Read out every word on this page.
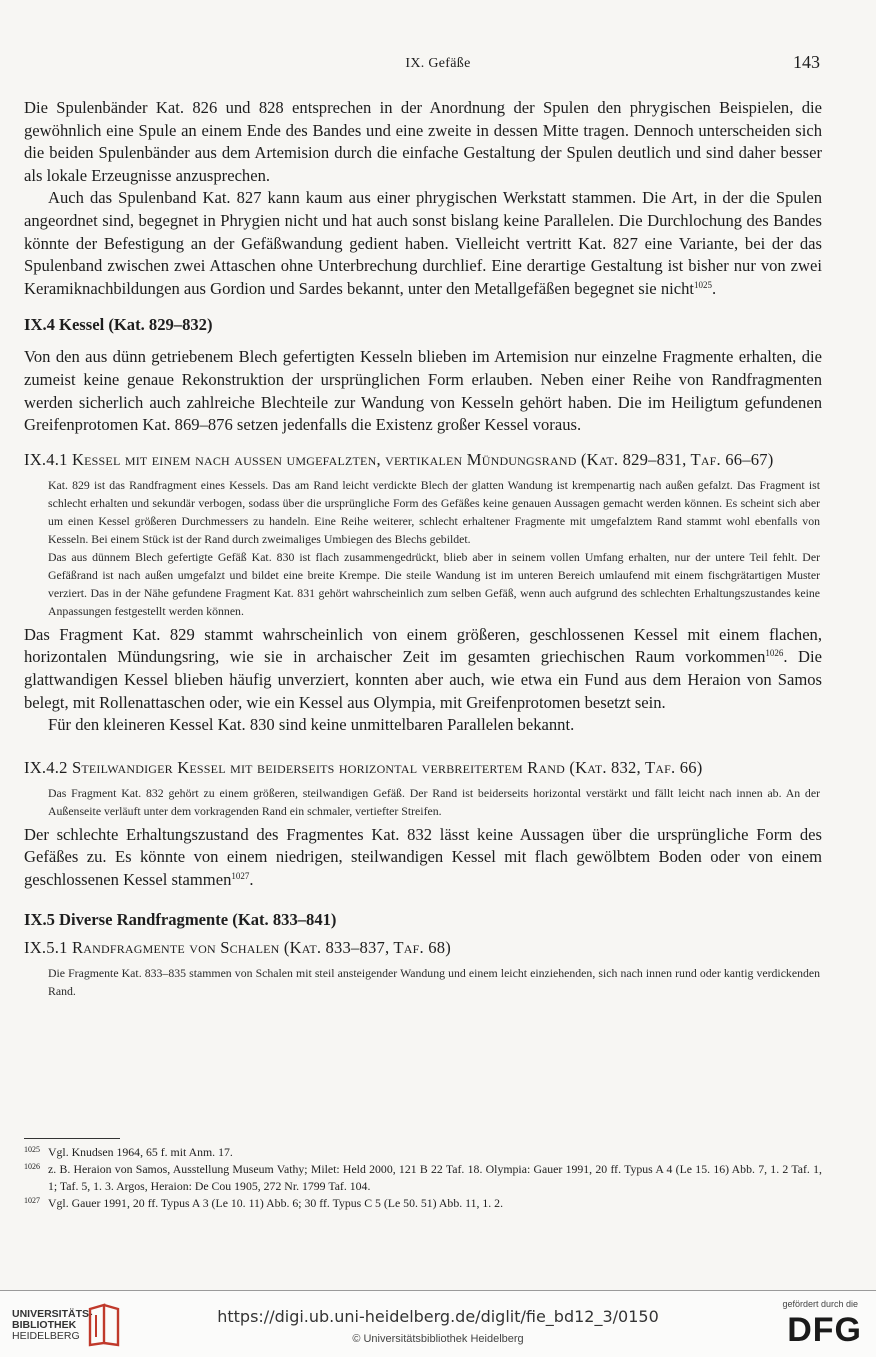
IX. Gefäße	143

Die Spulenbänder Kat. 826 und 828 entsprechen in der Anordnung der Spulen den phrygischen Beispielen, die gewöhnlich eine Spule an einem Ende des Bandes und eine zweite in dessen Mitte tragen. Dennoch unterscheiden sich die beiden Spulenbänder aus dem Artemision durch die einfache Gestaltung der Spulen deutlich und sind daher besser als lokale Erzeugnisse anzusprechen.

Auch das Spulenband Kat. 827 kann kaum aus einer phrygischen Werkstatt stammen. Die Art, in der die Spulen angeordnet sind, begegnet in Phrygien nicht und hat auch sonst bislang keine Parallelen. Die Durchlochung des Bandes könnte der Befestigung an der Gefäßwandung gedient haben. Vielleicht vertritt Kat. 827 eine Variante, bei der das Spulenband zwischen zwei Attaschen ohne Unterbrechung durchlief. Eine derartige Gestaltung ist bisher nur von zwei Keramiknachbildungen aus Gordion und Sardes bekannt, unter den Metallgefäßen begegnet sie nicht$^{1025}$.

IX.4 Kessel (Kat. 829–832)

Von den aus dünn getriebenem Blech gefertigten Kesseln blieben im Artemision nur einzelne Fragmente erhalten, die zumeist keine genaue Rekonstruktion der ursprünglichen Form erlauben. Neben einer Reihe von Randfragmenten werden sicherlich auch zahlreiche Blechteile zur Wandung von Kesseln gehört haben. Die im Heiligtum gefundenen Greifenprotomen Kat. 869–876 setzen jedenfalls die Existenz großer Kessel voraus.

IX.4.1 Kessel mit einem nach aussen umgefalzten, vertikalen Mündungsrand (Kat. 829–831, Taf. 66–67)

Kat. 829 ist das Randfragment eines Kessels. Das am Rand leicht verdickte Blech der glatten Wandung ist krempenartig nach außen gefalzt. Das Fragment ist schlecht erhalten und sekundär verbogen, sodass über die ursprüngliche Form des Gefäßes keine genauen Aussagen gemacht werden können. Es scheint sich aber um einen Kessel größeren Durchmessers zu handeln. Eine Reihe weiterer, schlecht erhaltener Fragmente mit umgefalztem Rand stammt wohl ebenfalls von Kesseln. Bei einem Stück ist der Rand durch zweimaliges Umbiegen des Blechs gebildet.

Das aus dünnem Blech gefertigte Gefäß Kat. 830 ist flach zusammengedrückt, blieb aber in seinem vollen Umfang erhalten, nur der untere Teil fehlt. Der Gefäßrand ist nach außen umgefalzt und bildet eine breite Krempe. Die steile Wandung ist im unteren Bereich umlaufend mit einem fischgrätartigen Muster verziert. Das in der Nähe gefundene Fragment Kat. 831 gehört wahrscheinlich zum selben Gefäß, wenn auch aufgrund des schlechten Erhaltungszustandes keine Anpassungen festgestellt werden können.

Das Fragment Kat. 829 stammt wahrscheinlich von einem größeren, geschlossenen Kessel mit einem flachen, horizontalen Mündungsring, wie sie in archaischer Zeit im gesamten griechischen Raum vorkommen$^{1026}$. Die glattwandigen Kessel blieben häufig unverziert, konnten aber auch, wie etwa ein Fund aus dem Heraion von Samos belegt, mit Rollenattaschen oder, wie ein Kessel aus Olympia, mit Greifenprotomen besetzt sein.

Für den kleineren Kessel Kat. 830 sind keine unmittelbaren Parallelen bekannt.

IX.4.2 Steilwandiger Kessel mit beiderseits horizontal verbreitertem Rand (Kat. 832, Taf. 66)

Das Fragment Kat. 832 gehört zu einem größeren, steilwandigen Gefäß. Der Rand ist beiderseits horizontal verstärkt und fällt leicht nach innen ab. An der Außenseite verläuft unter dem vorkragenden Rand ein schmaler, vertiefter Streifen.

Der schlechte Erhaltungszustand des Fragmentes Kat. 832 lässt keine Aussagen über die ursprüngliche Form des Gefäßes zu. Es könnte von einem niedrigen, steilwandigen Kessel mit flach gewölbtem Boden oder von einem geschlossenen Kessel stammen$^{1027}$.

IX.5 Diverse Randfragmente (Kat. 833–841)
IX.5.1 Randfragmente von Schalen (Kat. 833–837, Taf. 68)

Die Fragmente Kat. 833–835 stammen von Schalen mit steil ansteigender Wandung und einem leicht einziehenden, sich nach innen rund oder kantig verdickenden Rand.

1025 Vgl. Knudsen 1964, 65 f. mit Anm. 17.
1026 z. B. Heraion von Samos, Ausstellung Museum Vathy; Milet: Held 2000, 121 B 22 Taf. 18. Olympia: Gauer 1991, 20 ff. Typus A 4 (Le 15. 16) Abb. 7, 1. 2 Taf. 1, 1; Taf. 5, 1. 3. Argos, Heraion: De Cou 1905, 272 Nr. 1799 Taf. 104.
1027 Vgl. Gauer 1991, 20 ff. Typus A 3 (Le 10. 11) Abb. 6; 30 ff. Typus C 5 (Le 50. 51) Abb. 11, 1. 2.
UNIVERSITÄTS-
BIBLIOTHEK
HEIDELBERG
https://digi.ub.uni-heidelberg.de/diglit/fie_bd12_3/0150
© Universitätsbibliothek Heidelberg
gefördert durch die
DFG
